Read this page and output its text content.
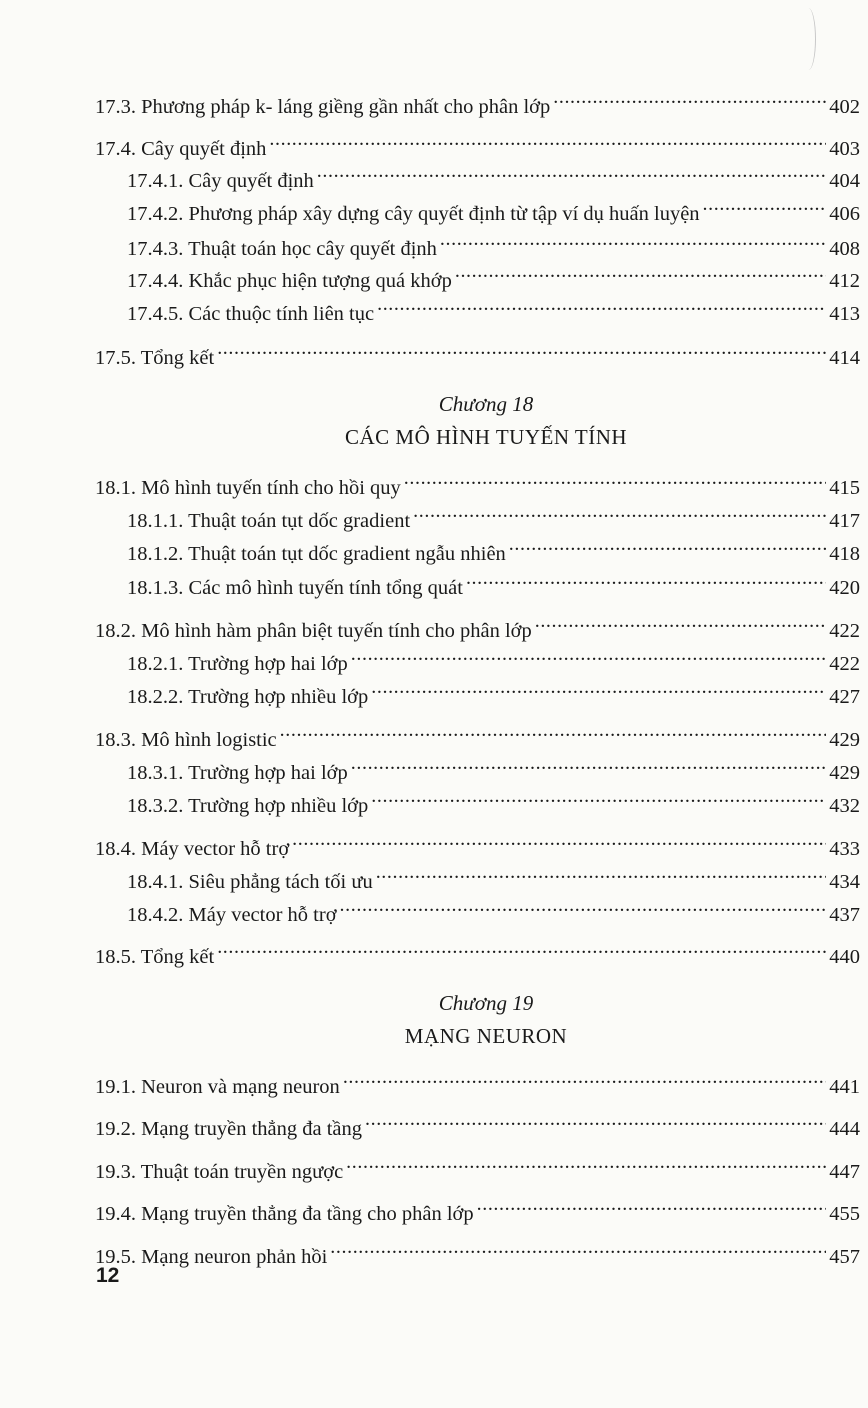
17.3. Phương pháp k- láng giềng gần nhất cho phân lớp .....	402
17.4. Cây quyết định .....	403
17.4.1. Cây quyết định .....	404
17.4.2. Phương pháp xây dựng cây quyết định từ tập ví dụ huấn luyện .....	406
17.4.3. Thuật toán học cây quyết định .....	408
17.4.4. Khắc phục hiện tượng quá khớp .....	412
17.4.5. Các thuộc tính liên tục .....	413
17.5. Tổng kết .....	414
Chương 18
CÁC MÔ HÌNH TUYẾN TÍNH
18.1. Mô hình tuyến tính cho hồi quy .....	415
18.1.1. Thuật toán tụt dốc gradient .....	417
18.1.2. Thuật toán tụt dốc gradient ngẫu nhiên .....	418
18.1.3. Các mô hình tuyến tính tổng quát .....	420
18.2. Mô hình hàm phân biệt tuyến tính cho phân lớp .....	422
18.2.1. Trường hợp hai lớp .....	422
18.2.2. Trường hợp nhiều lớp .....	427
18.3. Mô hình logistic .....	429
18.3.1. Trường hợp hai lớp .....	429
18.3.2. Trường hợp nhiều lớp .....	432
18.4. Máy vector hỗ trợ .....	433
18.4.1. Siêu phẳng tách tối ưu .....	434
18.4.2. Máy vector hỗ trợ .....	437
18.5. Tổng kết .....	440
Chương 19
MẠNG NEURON
19.1. Neuron và mạng neuron .....	441
19.2. Mạng truyền thẳng đa tầng .....	444
19.3. Thuật toán truyền ngược .....	447
19.4. Mạng truyền thẳng đa tầng cho phân lớp .....	455
19.5. Mạng neuron phản hồi .....	457
12
